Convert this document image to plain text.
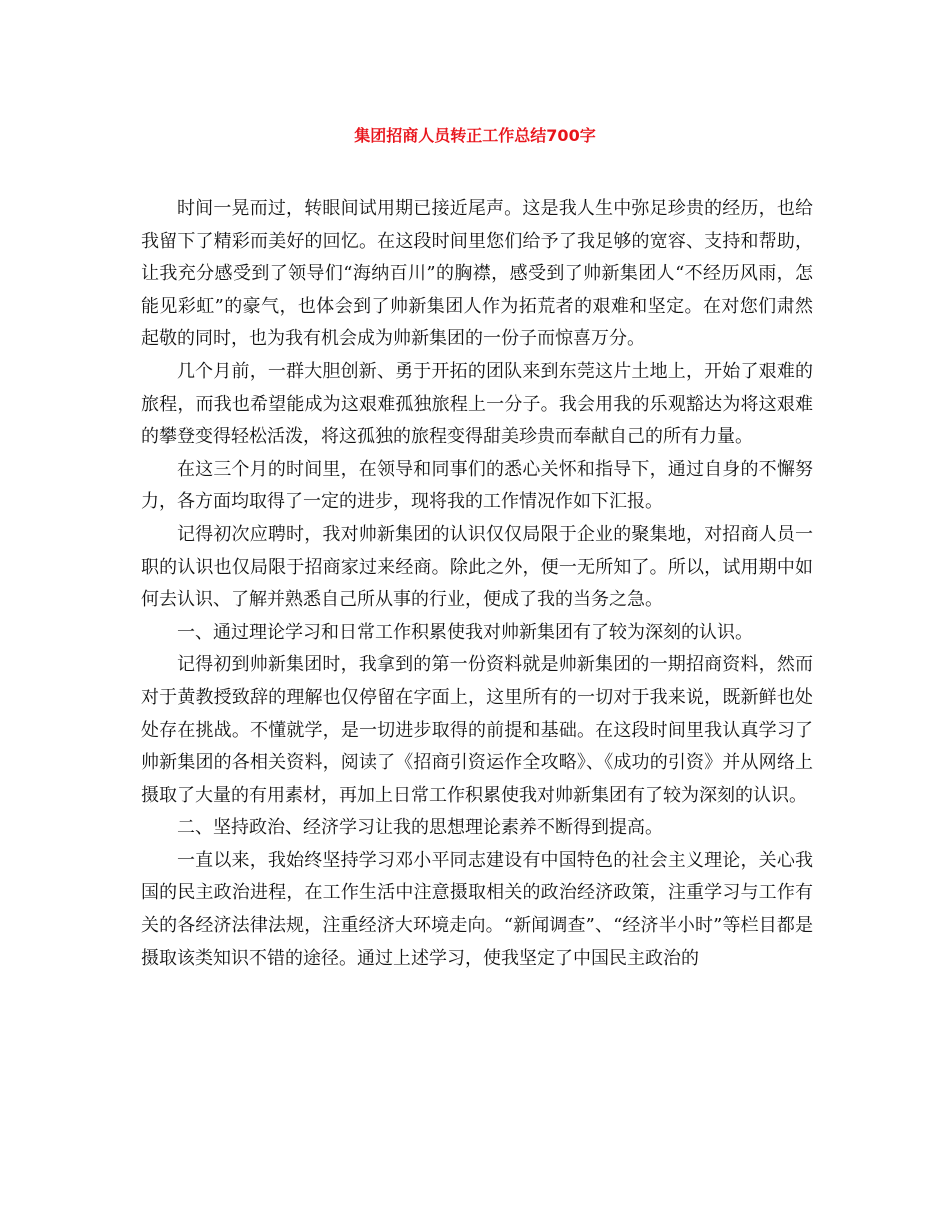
集团招商人员转正工作总结700字

时间一晃而过，转眼间试用期已接近尾声。这是我人生中弥足珍贵的经历，也给我留下了精彩而美好的回忆。在这段时间里您们给予了我足够的宽容、支持和帮助，让我充分感受到了领导们“海纳百川”的胸襟，感受到了帅新集团人“不经历风雨，怎能见彩虹”的豪气，也体会到了帅新集团人作为拓荒者的艰难和坚定。在对您们肃然起敬的同时，也为我有机会成为帅新集团的一份子而惊喜万分。

几个月前，一群大胆创新、勇于开拓的团队来到东莞这片土地上，开始了艰难的旅程，而我也希望能成为这艰难孤独旅程上一分子。我会用我的乐观豁达为将这艰难的攀登变得轻松活泼，将这孤独的旅程变得甜美珍贵而奉献自己的所有力量。

在这三个月的时间里，在领导和同事们的悉心关怀和指导下，通过自身的不懈努力，各方面均取得了一定的进步，现将我的工作情况作如下汇报。

记得初次应聘时，我对帅新集团的认识仅仅局限于企业的聚集地，对招商人员一职的认识也仅局限于招商家过来经商。除此之外，便一无所知了。所以，试用期中如何去认识、了解并熟悉自己所从事的行业，便成了我的当务之急。

一、通过理论学习和日常工作积累使我对帅新集团有了较为深刻的认识。

记得初到帅新集团时，我拿到的第一份资料就是帅新集团的一期招商资料，然而对于黄教授致辞的理解也仅停留在字面上，这里所有的一切对于我来说，既新鲜也处处存在挑战。不懂就学，是一切进步取得的前提和基础。在这段时间里我认真学习了帅新集团的各相关资料，阅读了《招商引资运作全攻略》、《成功的引资》并从网络上摄取了大量的有用素材，再加上日常工作积累使我对帅新集团有了较为深刻的认识。

二、坚持政治、经济学习让我的思想理论素养不断得到提高。

一直以来，我始终坚持学习邓小平同志建设有中国特色的社会主义理论，关心我国的民主政治进程，在工作生活中注意摄取相关的政治经济政策，注重学习与工作有关的各经济法律法规，注重经济大环境走向。“新闻调查”、“经济半小时”等栏目都是摄取该类知识不错的途径。通过上述学习，使我坚定了中国民主政治的
